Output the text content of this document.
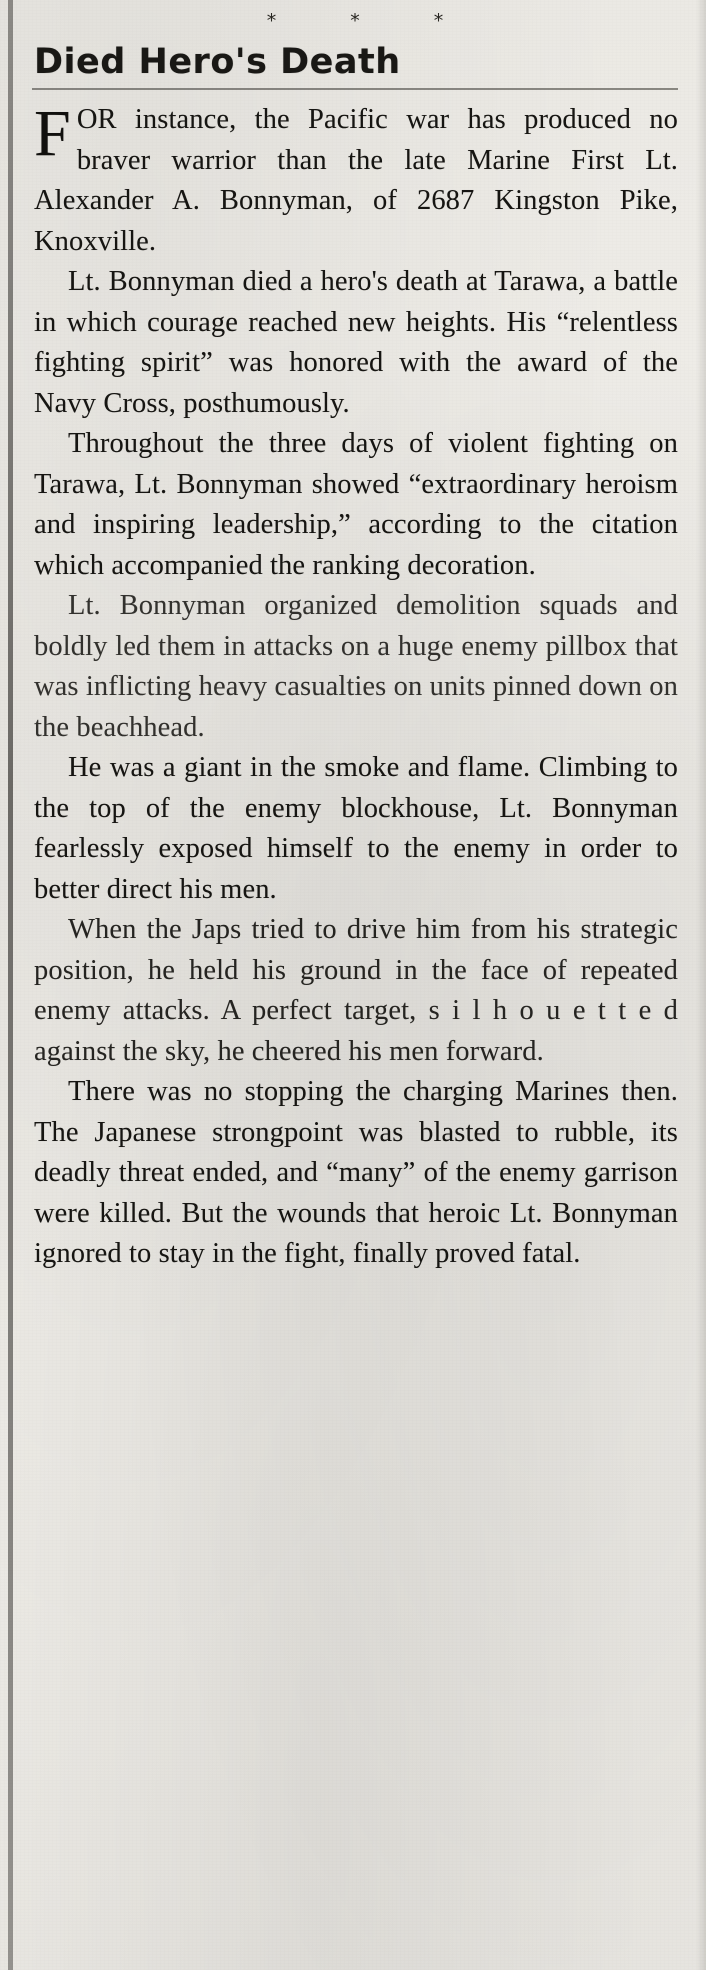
* * *
Died Hero's Death

FOR instance, the Pacific war has produced no braver warrior than the late Marine First Lt. Alexander A. Bonnyman, of 2687 Kingston Pike, Knoxville.

Lt. Bonnyman died a hero's death at Tarawa, a battle in which courage reached new heights. His “relentless fighting spirit” was honored with the award of the Navy Cross, posthumously.

Throughout the three days of violent fighting on Tarawa, Lt. Bonnyman showed “extraordinary heroism and inspiring leadership,” according to the citation which accompanied the ranking decoration.

Lt. Bonnyman organized demolition squads and boldly led them in attacks on a huge enemy pillbox that was inflicting heavy casualties on units pinned down on the beachhead.

He was a giant in the smoke and flame. Climbing to the top of the enemy blockhouse, Lt. Bonnyman fearlessly exposed himself to the enemy in order to better direct his men.

When the Japs tried to drive him from his strategic position, he held his ground in the face of repeated enemy attacks. A perfect target, s i l h o u e t t e d against the sky, he cheered his men forward.

There was no stopping the charging Marines then. The Japanese strongpoint was blasted to rubble, its deadly threat ended, and “many” of the enemy garrison were killed. But the wounds that heroic Lt. Bonnyman ignored to stay in the fight, finally proved fatal.
